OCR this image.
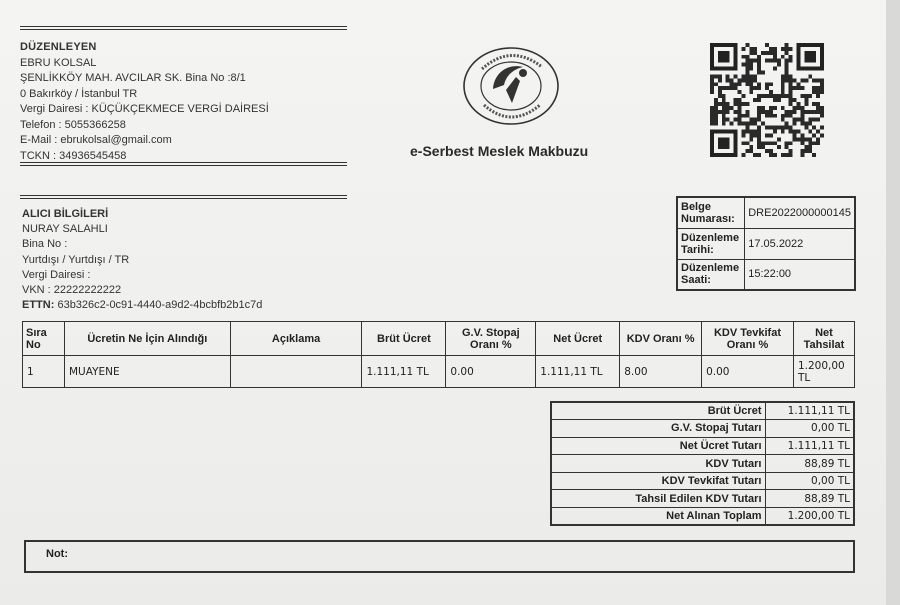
DÜZENLEYEN
EBRU KOLSAL
ŞENLİKKÖY MAH. AVCILAR SK. Bina No :8/1
0 Bakırköy / İstanbul TR
Vergi Dairesi : KÜÇÜKÇEKMECE VERGİ DAİRESİ
Telefon : 5055366258
E-Mail : ebrukolsal@gmail.com
TCKN : 34936545458	e-Serbest Meslek Makbuzu
ALICI BİLGİLERİ
NURAY SALAHLI
Bina No :
Yurtdışı / Yurtdışı / TR
Vergi Dairesi :
VKN : 22222222222
ETTN: 63b326c2-0c91-4440-a9d2-4bcbfb2b1c7d
Belge Numarası:	DRE2022000000145
Düzenleme Tarihi:	17.05.2022
Düzenleme Saati:	15:22:00
Sıra No	Ücretin Ne İçin Alındığı	Açıklama	Brüt Ücret	G.V. Stopaj Oranı %	Net Ücret	KDV Oranı %	KDV Tevkifat Oranı %	Net Tahsilat
1	MUAYENE		1.111,11 TL	0.00	1.111,11 TL	8.00	0.00	1.200,00 TL
Brüt Ücret	1.111,11 TL
G.V. Stopaj Tutarı	0,00 TL
Net Ücret Tutarı	1.111,11 TL
KDV Tutarı	88,89 TL
KDV Tevkifat Tutarı	0,00 TL
Tahsil Edilen KDV Tutarı	88,89 TL
Net Alınan Toplam	1.200,00 TL
Not:
